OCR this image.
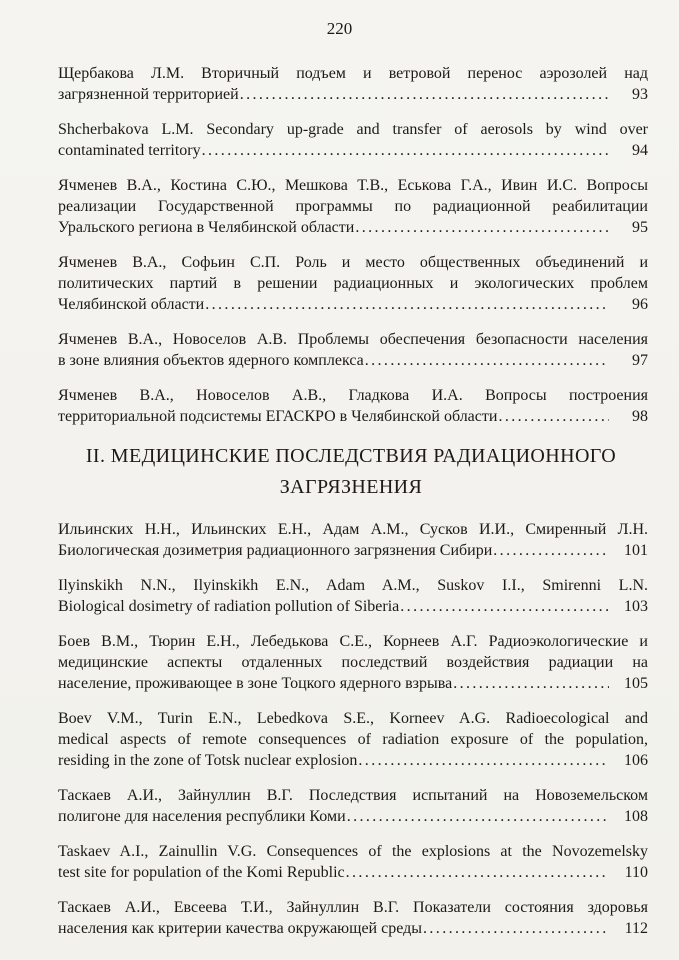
220
Щербакова Л.М. Вторичный подъем и ветровой перенос аэрозолей над
загрязненной территорией .....	93
Shcherbakova L.M. Secondary up-grade and transfer of aerosols by wind over
contaminated territory .....	94
Ячменев В.А., Костина С.Ю., Мешкова Т.В., Еськова Г.А., Ивин И.С. Вопросы
реализации Государственной программы по радиационной реабилитации
Уральского региона в Челябинской области .....	95
Ячменев В.А., Софьин С.П. Роль и место общественных объединений и
политических партий в решении радиационных и экологических проблем
Челябинской области .....	96
Ячменев В.А., Новоселов А.В. Проблемы обеспечения безопасности населения
в зоне влияния объектов ядерного комплекса .....	97
Ячменев В.А., Новоселов А.В., Гладкова И.А. Вопросы построения
территориальной подсистемы ЕГАСКРО в Челябинской области .....	98
II. МЕДИЦИНСКИЕ ПОСЛЕДСТВИЯ РАДИАЦИОННОГО ЗАГРЯЗНЕНИЯ
Ильинских Н.Н., Ильинских Е.Н., Адам А.М., Сусков И.И., Смиренный Л.Н.
Биологическая дозиметрия радиационного загрязнения Сибири .....	101
Ilyinskikh N.N., Ilyinskikh E.N., Adam A.M., Suskov I.I., Smirenni L.N.
Biological dosimetry of radiation pollution of Siberia .....	103
Боев В.М., Тюрин Е.Н., Лебедькова С.Е., Корнеев А.Г. Радиоэкологические и
медицинские аспекты отдаленных последствий воздействия радиации на
население, проживающее в зоне Тоцкого ядерного взрыва .....	105
Boev V.M., Turin E.N., Lebedkova S.E., Korneev A.G. Radioecological and
medical aspects of remote consequences of radiation exposure of the population,
residing in the zone of Totsk nuclear explosion .....	106
Таскаев А.И., Зайнуллин В.Г. Последствия испытаний на Новоземельском
полигоне для населения республики Коми .....	108
Taskaev A.I., Zainullin V.G. Consequences of the explosions at the Novozemelsky
test site for population of the Komi Republic .....	110
Таскаев А.И., Евсеева Т.И., Зайнуллин В.Г. Показатели состояния здоровья
населения как критерии качества окружающей среды .....	112
